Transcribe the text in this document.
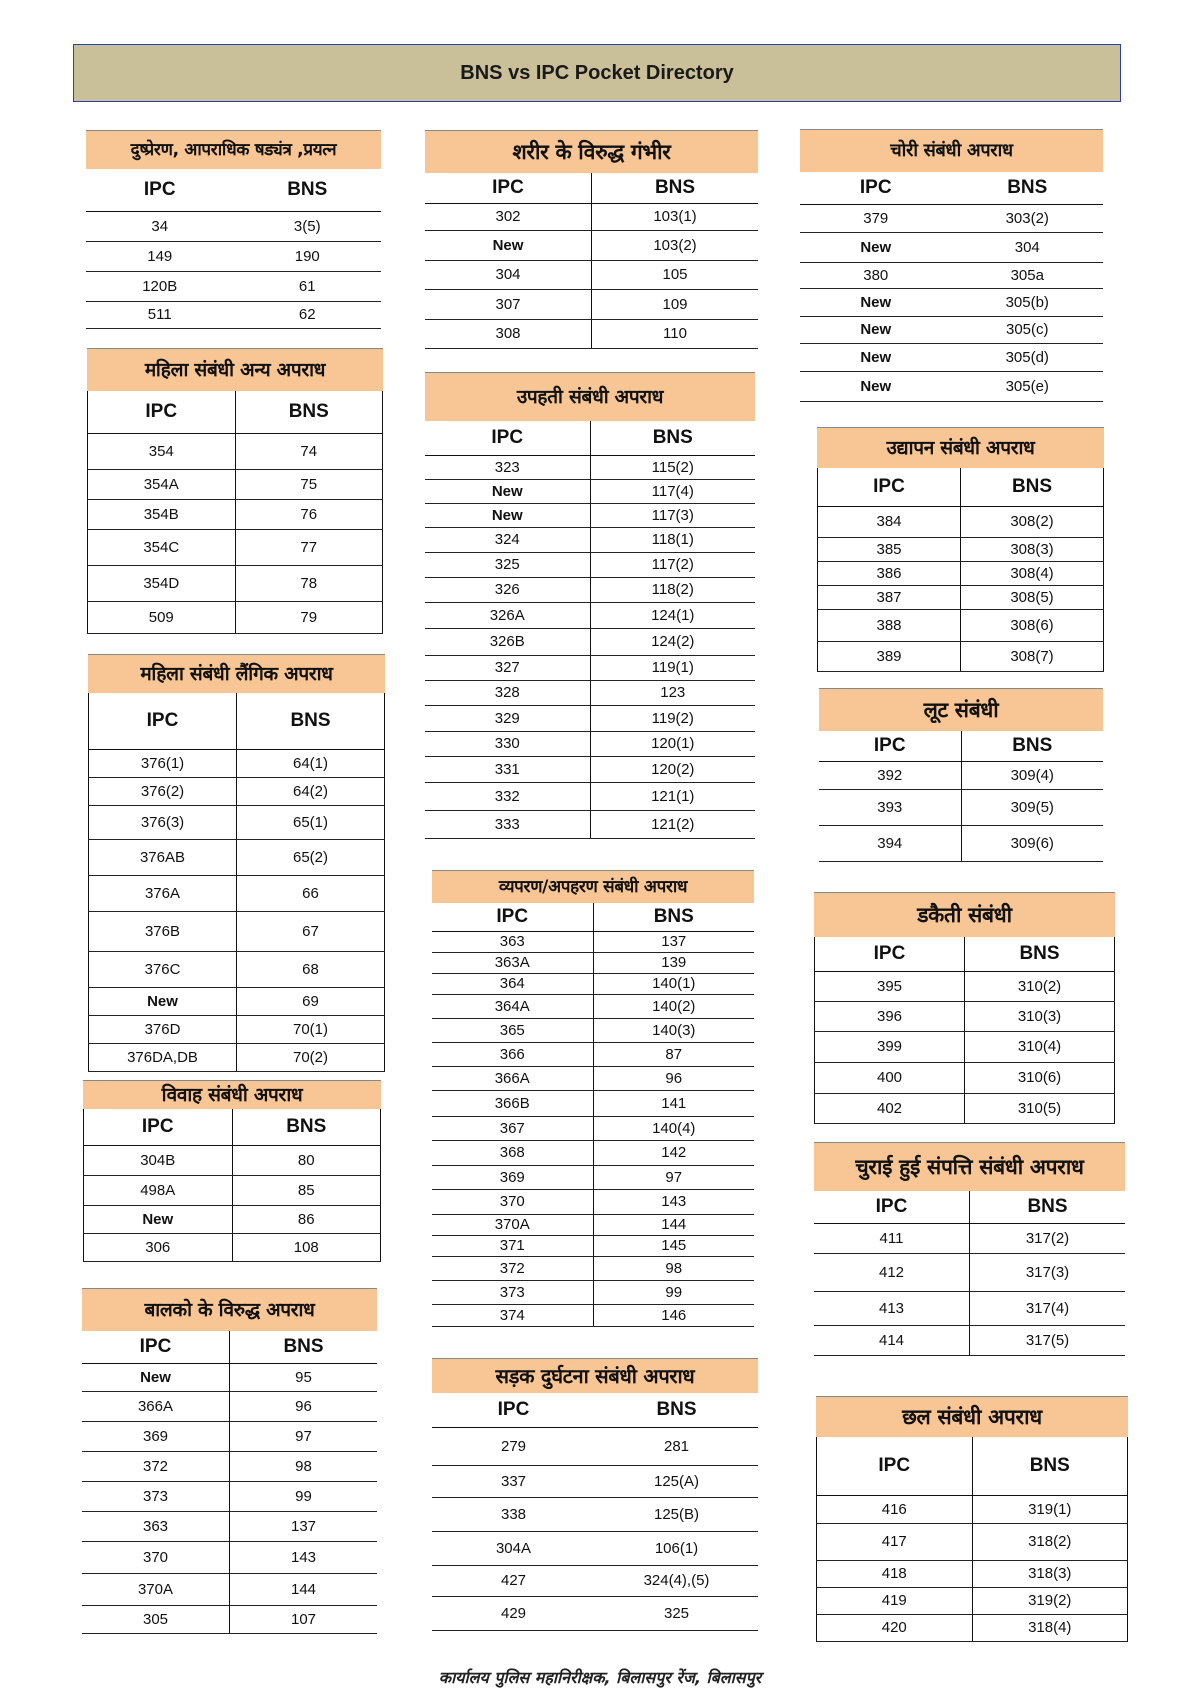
BNS vs IPC Pocket Directory
दुष्प्रेरण, आपराधिक षड्यंत्र ,प्रयत्न
IPC	BNS
34	3(5)
149	190
120B	61
511	62
महिला संबंधी अन्य अपराध
IPC	BNS
354	74
354A	75
354B	76
354C	77
354D	78
509	79
महिला संबंधी लैंगिक अपराध
IPC	BNS
376(1)	64(1)
376(2)	64(2)
376(3)	65(1)
376AB	65(2)
376A	66
376B	67
376C	68
New	69
376D	70(1)
376DA,DB	70(2)
विवाह संबंधी अपराध
IPC	BNS
304B	80
498A	85
New	86
306	108
बालको के विरुद्ध अपराध
IPC	BNS
New	95
366A	96
369	97
372	98
373	99
363	137
370	143
370A	144
305	107
शरीर के विरुद्ध गंभीर
IPC	BNS
302	103(1)
New	103(2)
304	105
307	109
308	110
उपहती संबंधी अपराध
IPC	BNS
323	115(2)
New	117(4)
New	117(3)
324	118(1)
325	117(2)
326	118(2)
326A	124(1)
326B	124(2)
327	119(1)
328	123
329	119(2)
330	120(1)
331	120(2)
332	121(1)
333	121(2)
व्यपरण/अपहरण संबंधी अपराध
IPC	BNS
363	137
363A	139
364	140(1)
364A	140(2)
365	140(3)
366	87
366A	96
366B	141
367	140(4)
368	142
369	97
370	143
370A	144
371	145
372	98
373	99
374	146
सड़क दुर्घटना संबंधी अपराध
IPC	BNS
279	281
337	125(A)
338	125(B)
304A	106(1)
427	324(4),(5)
429	325
चोरी संबंधी अपराध
IPC	BNS
379	303(2)
New	304
380	305a
New	305(b)
New	305(c)
New	305(d)
New	305(e)
उद्यापन संबंधी अपराध
IPC	BNS
384	308(2)
385	308(3)
386	308(4)
387	308(5)
388	308(6)
389	308(7)
लूट संबंधी
IPC	BNS
392	309(4)
393	309(5)
394	309(6)
डकैती संबंधी
IPC	BNS
395	310(2)
396	310(3)
399	310(4)
400	310(6)
402	310(5)
चुराई हुई संपत्ति संबंधी अपराध
IPC	BNS
411	317(2)
412	317(3)
413	317(4)
414	317(5)
छल संबंधी अपराध
IPC	BNS
416	319(1)
417	318(2)
418	318(3)
419	319(2)
420	318(4)
कार्यालय पुलिस महानिरीक्षक, बिलासपुर रेंज, बिलासपुर
